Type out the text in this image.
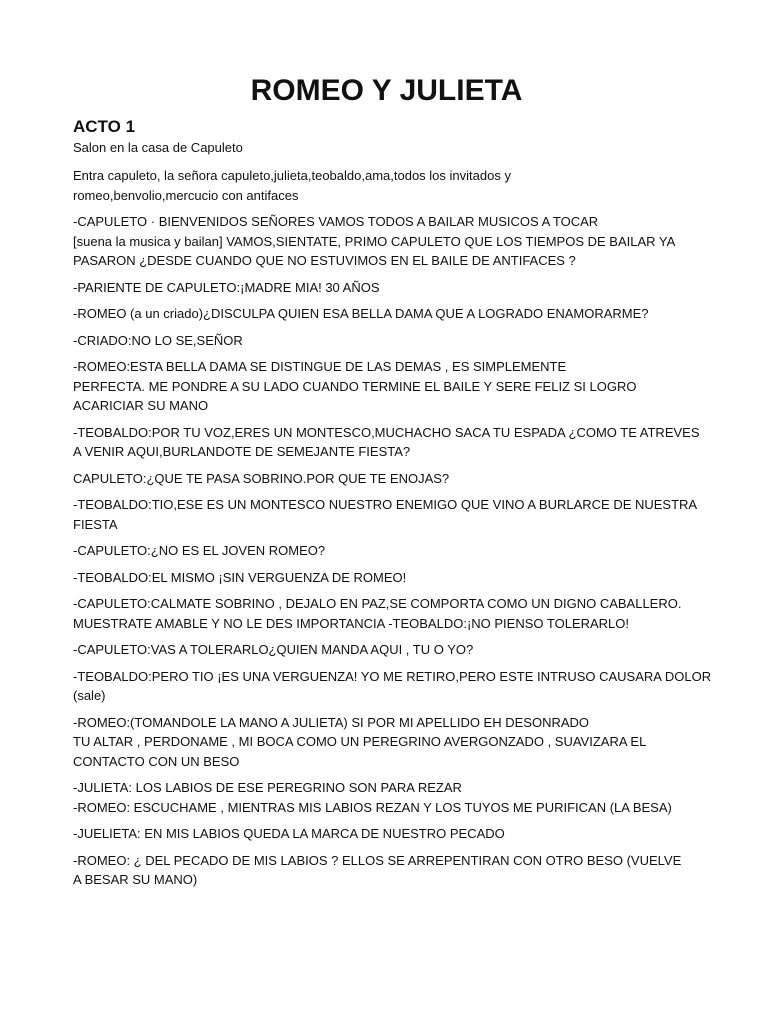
ROMEO Y JULIETA
ACTO 1
Salon en la casa de Capuleto
Entra capuleto, la señora capuleto,julieta,teobaldo,ama,todos los invitados y
romeo,benvolio,mercucio con antifaces
-CAPULETO · BIENVENIDOS SEÑORES VAMOS TODOS A BAILAR MUSICOS A TOCAR
[suena la musica y bailan] VAMOS,SIENTATE, PRIMO CAPULETO QUE LOS TIEMPOS DE BAILAR YA
PASARON ¿DESDE CUANDO QUE NO ESTUVIMOS EN EL BAILE DE ANTIFACES ?
-PARIENTE DE CAPULETO:¡MADRE MIA! 30 AÑOS
-ROMEO (a un criado)¿DISCULPA QUIEN ESA BELLA DAMA QUE A LOGRADO ENAMORARME?
-CRIADO:NO LO SE,SEÑOR
-ROMEO:ESTA BELLA DAMA SE DISTINGUE DE LAS DEMAS , ES SIMPLEMENTE
PERFECTA. ME PONDRE A SU LADO CUANDO TERMINE EL BAILE Y SERE FELIZ SI LOGRO
ACARICIAR SU MANO
-TEOBALDO:POR TU VOZ,ERES UN MONTESCO,MUCHACHO SACA TU ESPADA ¿COMO TE ATREVES
A VENIR AQUI,BURLANDOTE DE SEMEJANTE FIESTA?
CAPULETO:¿QUE TE PASA SOBRINO.POR QUE TE ENOJAS?
-TEOBALDO:TIO,ESE ES UN MONTESCO NUESTRO ENEMIGO QUE VINO A BURLARCE DE NUESTRA
FIESTA
-CAPULETO:¿NO ES EL JOVEN ROMEO?
-TEOBALDO:EL MISMO ¡SIN VERGUENZA DE ROMEO!
-CAPULETO:CALMATE SOBRINO , DEJALO EN PAZ,SE COMPORTA COMO UN DIGNO CABALLERO.
MUESTRATE AMABLE Y NO LE DES IMPORTANCIA -TEOBALDO:¡NO PIENSO TOLERARLO!
-CAPULETO:VAS A TOLERARLO¿QUIEN MANDA AQUI , TU O YO?
-TEOBALDO:PERO TIO ¡ES UNA VERGUENZA! YO ME RETIRO,PERO ESTE INTRUSO CAUSARA DOLOR
(sale)
-ROMEO:(TOMANDOLE LA MANO A JULIETA) SI POR MI APELLIDO EH DESONRADO
TU ALTAR , PERDONAME , MI BOCA COMO UN PEREGRINO AVERGONZADO , SUAVIZARA EL
CONTACTO CON UN BESO
-JULIETA: LOS LABIOS DE ESE PEREGRINO SON PARA REZAR
-ROMEO: ESCUCHAME , MIENTRAS MIS LABIOS REZAN Y LOS TUYOS ME PURIFICAN (LA BESA)
-JUELIETA: EN MIS LABIOS QUEDA LA MARCA DE NUESTRO PECADO
-ROMEO: ¿ DEL PECADO DE MIS LABIOS ? ELLOS SE ARREPENTIRAN CON OTRO BESO (VUELVE
A BESAR SU MANO)
